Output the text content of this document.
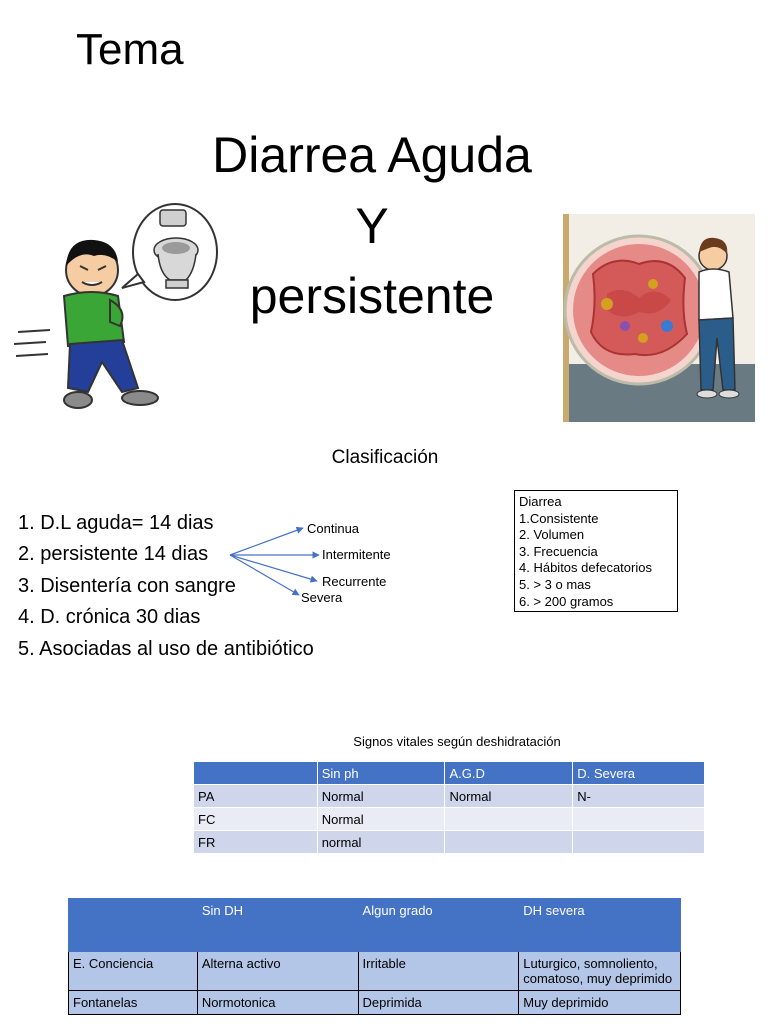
Tema
Diarrea Aguda
Y
persistente
Clasificación
1. D.L aguda= 14 dias
2. persistente 14 dias
3. Disentería con sangre
4. D. crónica 30 dias
5. Asociadas al uso de antibiótico
Continua
Intermitente
Recurrente
Severa
Diarrea
1.Consistente
2. Volumen
3. Frecuencia
4. Hábitos defecatorios
5. > 3 o mas
6. > 200 gramos
Signos vitales según deshidratación
	Sin ph	A.G.D	D. Severa
PA	Normal	Normal	N-
FC	Normal		
FR	normal		
	Sin DH	Algun grado	DH severa
E. Conciencia	Alterna activo	Irritable	Luturgico, somnoliento, comatoso, muy deprimido
Fontanelas	Normotonica	Deprimida	Muy deprimido
